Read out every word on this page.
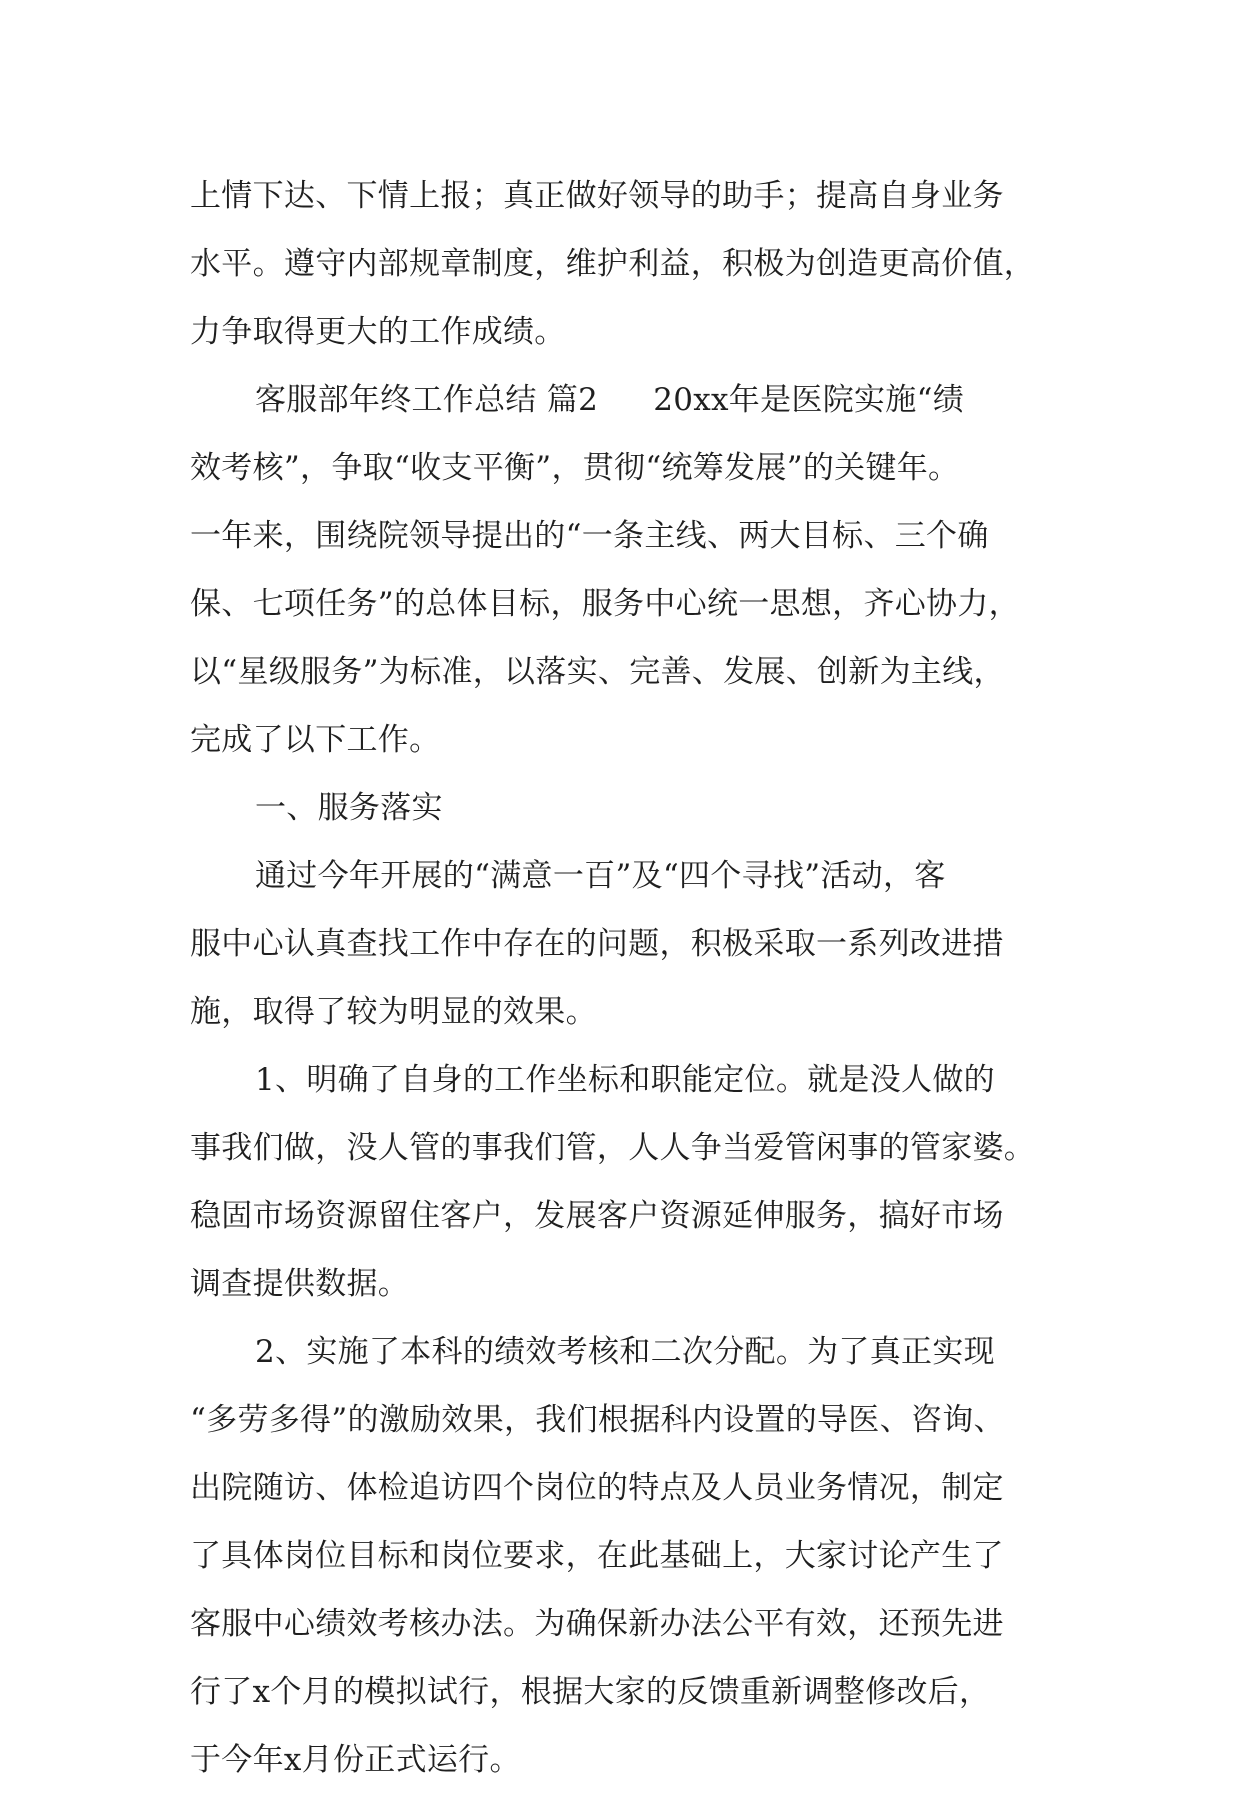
上情下达、下情上报；真正做好领导的助手；提高自身业务
水平。遵守内部规章制度，维护利益，积极为创造更高价值，
力争取得更大的工作成绩。
客服部年终工作总结 篇2 20xx年是医院实施“绩
效考核”，争取“收支平衡”，贯彻“统筹发展”的关键年。
一年来，围绕院领导提出的“一条主线、两大目标、三个确
保、七项任务”的总体目标，服务中心统一思想，齐心协力，
以“星级服务”为标准，以落实、完善、发展、创新为主线，
完成了以下工作。
一、服务落实
通过今年开展的“满意一百”及“四个寻找”活动，客
服中心认真查找工作中存在的问题，积极采取一系列改进措
施，取得了较为明显的效果。
1、明确了自身的工作坐标和职能定位。就是没人做的
事我们做，没人管的事我们管，人人争当爱管闲事的管家婆。
稳固市场资源留住客户，发展客户资源延伸服务，搞好市场
调查提供数据。
2、实施了本科的绩效考核和二次分配。为了真正实现
“多劳多得”的激励效果，我们根据科内设置的导医、咨询、
出院随访、体检追访四个岗位的特点及人员业务情况，制定
了具体岗位目标和岗位要求，在此基础上，大家讨论产生了
客服中心绩效考核办法。为确保新办法公平有效，还预先进
行了x个月的模拟试行，根据大家的反馈重新调整修改后，
于今年x月份正式运行。
